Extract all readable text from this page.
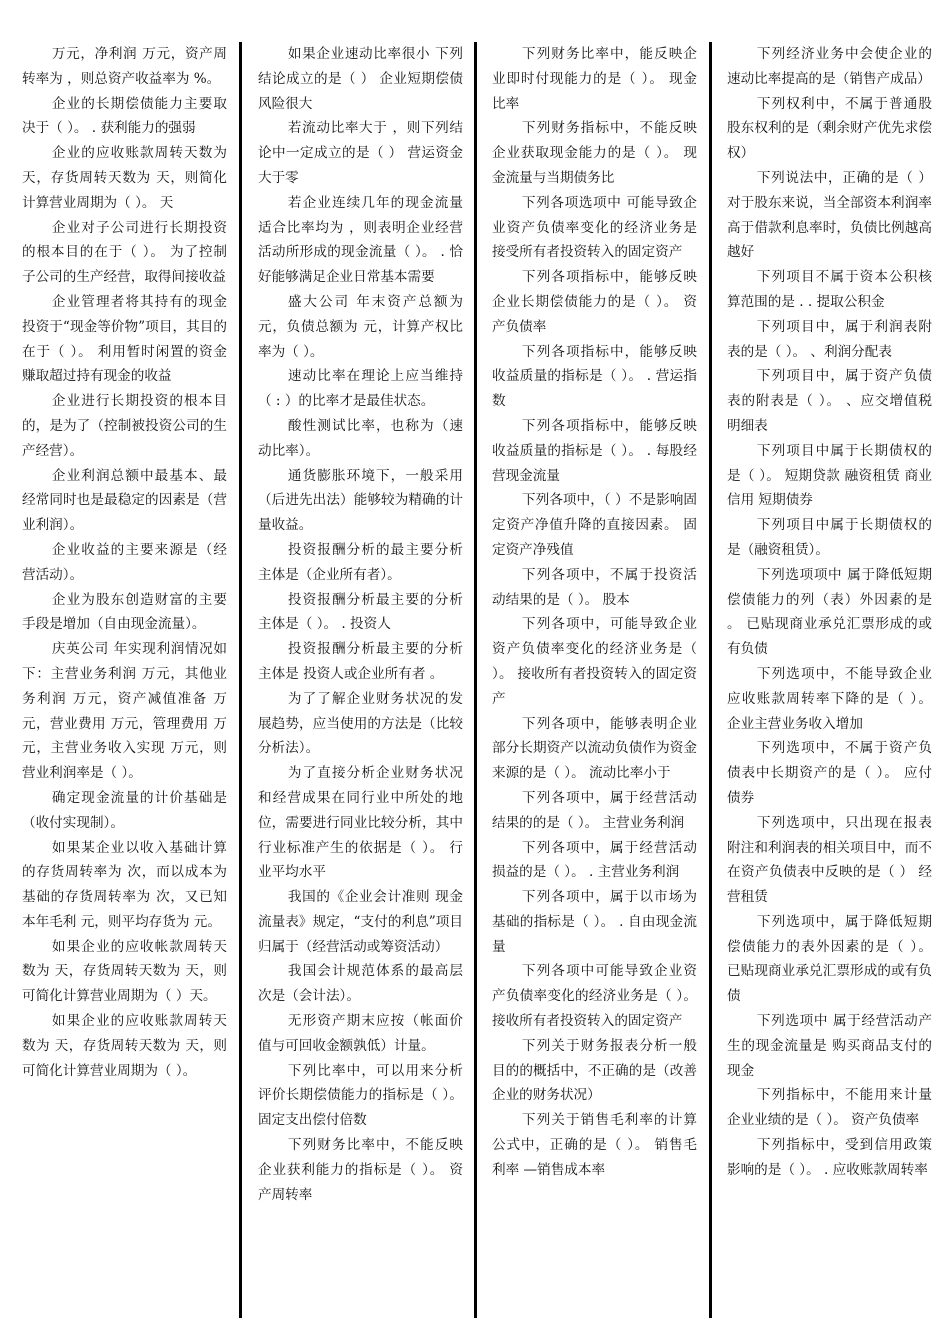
万元，净利润 万元，资产周转率为 ，则总资产收益率为 %。

企业的长期偿债能力主要取决于（ ）。 . 获利能力的强弱

企业的应收账款周转天数为 天，存货周转天数为 天，则简化计算营业周期为（ ）。 天

企业对子公司进行长期投资的根本目的在于（ ）。 为了控制子公司的生产经营，取得间接收益

企业管理者将其持有的现金投资于“现金等价物”项目，其目的在于（ ）。 利用暂时闲置的资金赚取超过持有现金的收益

企业进行长期投资的根本目的，是为了（控制被投资公司的生产经营）。

企业利润总额中最基本、最经常同时也是最稳定的因素是（营业利润）。

企业收益的主要来源是（经营活动）。

企业为股东创造财富的主要手段是增加（自由现金流量）。

庆英公司 年实现利润情况如下：主营业务利润 万元，其他业务利润 万元，资产减值准备 万元，营业费用 万元，管理费用 万元，主营业务收入实现 万元，则营业利润率是（ ）。

确定现金流量的计价基础是（收付实现制）。

如果某企业以收入基础计算的存货周转率为 次，而以成本为基础的存货周转率为 次，又已知本年毛利 元，则平均存货为 元。

如果企业的应收帐款周转天数为 天，存货周转天数为 天，则可简化计算营业周期为（ ）天。

如果企业的应收账款周转天数为 天，存货周转天数为 天，则可简化计算营业周期为（ ）。

如果企业速动比率很小 下列结论成立的是（ ） 企业短期偿债风险很大

若流动比率大于 ，则下列结论中一定成立的是（ ） 营运资金大于零

若企业连续几年的现金流量适合比率均为 ，则表明企业经营活动所形成的现金流量（ ）。 . 恰好能够满足企业日常基本需要

盛大公司 年末资产总额为 元，负债总额为 元，计算产权比率为（ ）。

速动比率在理论上应当维持（ : ）的比率才是最佳状态。

酸性测试比率，也称为（速动比率）。

通货膨胀环境下，一般采用（后进先出法）能够较为精确的计量收益。

投资报酬分析的最主要分析主体是（企业所有者）。

投资报酬分析最主要的分析主体是（ ）。 . 投资人

投资报酬分析最主要的分析主体是 投资人或企业所有者 。

为了了解企业财务状况的发展趋势，应当使用的方法是（比较分析法）。

为了直接分析企业财务状况和经营成果在同行业中所处的地位，需要进行同业比较分析，其中行业标准产生的依据是（ ）。 行业平均水平

我国的《企业会计准则 现金流量表》规定，“支付的利息”项目归属于（经营活动或筹资活动）

我国会计规范体系的最高层次是（会计法）。

无形资产期末应按（帐面价值与可回收金额孰低）计量。

下列比率中，可以用来分析评价长期偿债能力的指标是（ ）。 固定支出偿付倍数

下列财务比率中，不能反映企业获利能力的指标是（ ）。 资产周转率

下列财务比率中，能反映企业即时付现能力的是（ ）。 现金比率

下列财务指标中，不能反映企业获取现金能力的是（ ）。 现金流量与当期债务比

下列各项选项中 可能导致企业资产负债率变化的经济业务是 接受所有者投资转入的固定资产

下列各项指标中，能够反映企业长期偿债能力的是（ ）。 资产负债率

下列各项指标中，能够反映收益质量的指标是（ ）。 . 营运指数

下列各项指标中，能够反映收益质量的指标是（ ）。 . 每股经营现金流量

下列各项中，（ ）不是影响固定资产净值升降的直接因素。 固定资产净残值

下列各项中，不属于投资活动结果的是（ ）。 股本

下列各项中，可能导致企业资产负债率变化的经济业务是（ ）。 接收所有者投资转入的固定资产

下列各项中，能够表明企业部分长期资产以流动负债作为资金来源的是（ ）。 流动比率小于

下列各项中，属于经营活动结果的的是（ ）。 主营业务利润

下列各项中，属于经营活动损益的是（ ）。 . 主营业务利润

下列各项中，属于以市场为基础的指标是（ ）。 . 自由现金流量

下列各项中可能导致企业资产负债率变化的经济业务是（ ）。 接收所有者投资转入的固定资产

下列关于财务报表分析一般目的的概括中，不正确的是（改善企业的财务状况）

下列关于销售毛利率的计算公式中，正确的是（ ）。 销售毛利率 —销售成本率

下列经济业务中会使企业的速动比率提高的是（销售产成品）

下列权利中，不属于普通股股东权利的是（剩余财产优先求偿权）

下列说法中，正确的是（ ） 对于股东来说，当全部资本利润率高于借款利息率时，负债比例越高越好

下列项目不属于资本公积核算范围的是 . . 提取公积金

下列项目中，属于利润表附表的是（ ）。 、利润分配表

下列项目中，属于资产负债表的附表是（ ）。 、应交增值税明细表

下列项目中属于长期债权的是（ ）。 短期贷款 融资租赁 商业信用 短期债券

下列项目中属于长期债权的是（融资租赁）。

下列选项项中 属于降低短期偿债能力的列（表）外因素的是 。 已贴现商业承兑汇票形成的或有负债

下列选项中，不能导致企业应收账款周转率下降的是（ ）。 企业主营业务收入增加

下列选项中，不属于资产负债表中长期资产的是（ ）。 应付债券

下列选项中，只出现在报表附注和利润表的相关项目中，而不在资产负债表中反映的是（ ） 经营租赁

下列选项中，属于降低短期偿债能力的表外因素的是（ ）。 已贴现商业承兑汇票形成的或有负债

下列选项中 属于经营活动产生的现金流量是 购买商品支付的现金

下列指标中，不能用来计量企业业绩的是（ ）。 资产负债率

下列指标中，受到信用政策影响的是（ ）。 . 应收账款周转率
